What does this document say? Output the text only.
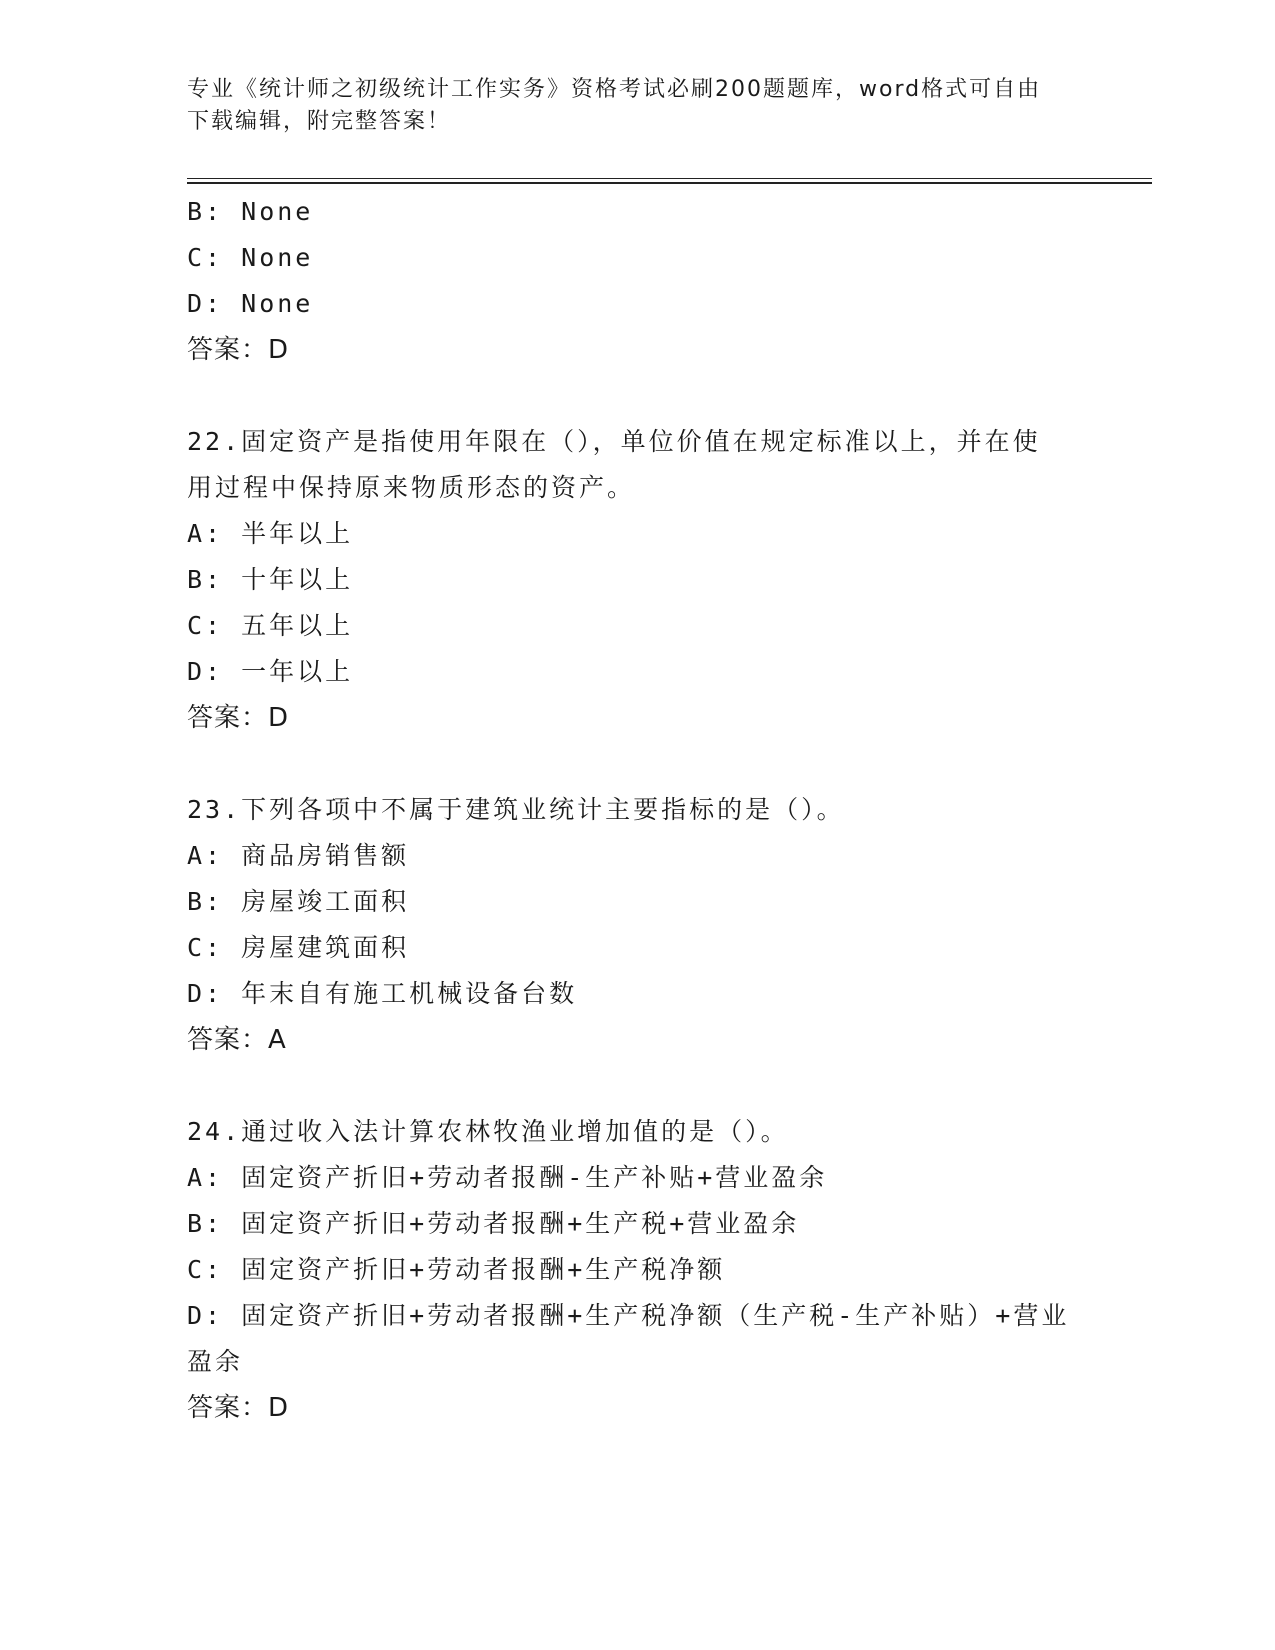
专业《统计师之初级统计工作实务》资格考试必刷200题题库，word格式可自由
下载编辑，附完整答案！
B: None
C: None
D: None
答案：D
22.固定资产是指使用年限在（），单位价值在规定标准以上，并在使
用过程中保持原来物质形态的资产。
A: 半年以上
B: 十年以上
C: 五年以上
D: 一年以上
答案：D
23.下列各项中不属于建筑业统计主要指标的是（）。
A: 商品房销售额
B: 房屋竣工面积
C: 房屋建筑面积
D: 年末自有施工机械设备台数
答案：A
24.通过收入法计算农林牧渔业增加值的是（）。
A: 固定资产折旧+劳动者报酬-生产补贴+营业盈余
B: 固定资产折旧+劳动者报酬+生产税+营业盈余
C: 固定资产折旧+劳动者报酬+生产税净额
D: 固定资产折旧+劳动者报酬+生产税净额（生产税-生产补贴）+营业
盈余
答案：D
